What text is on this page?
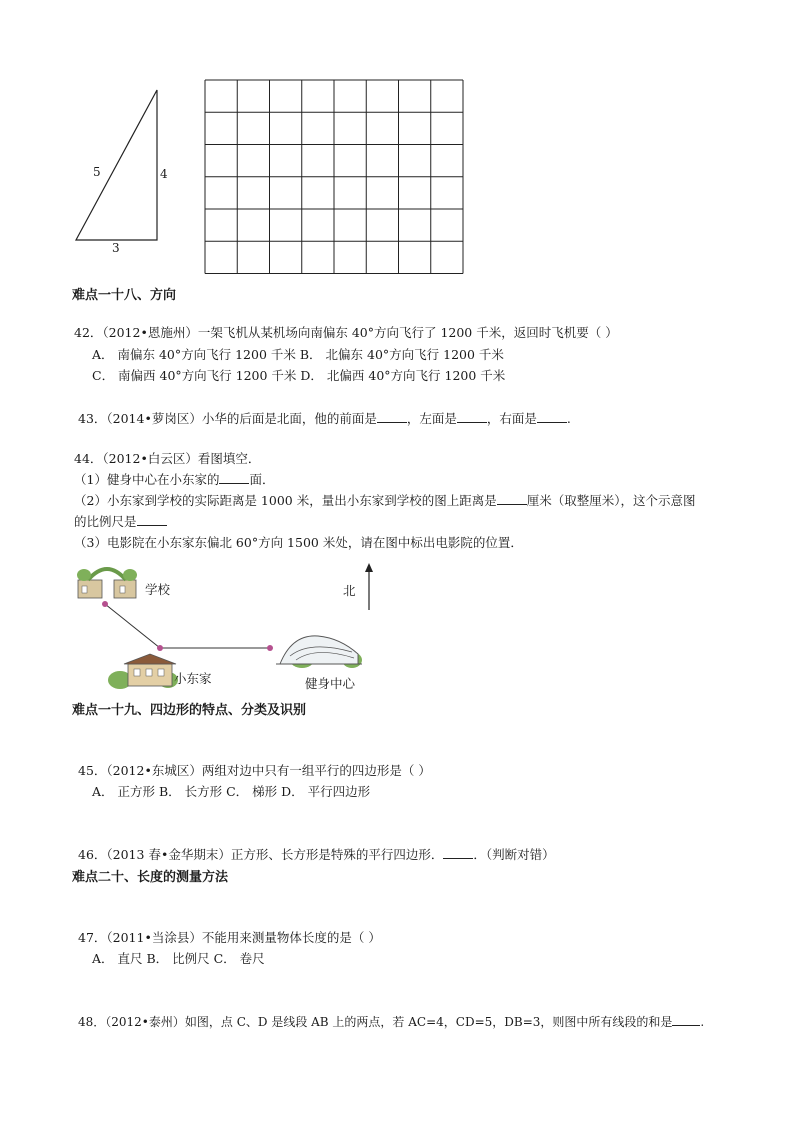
5	4
3
难点一十八、方向
42．（2012•恩施州）一架飞机从某机场向南偏东 40°方向飞行了 1200 千米，返回时飞机要（ ）
A． 南偏东 40°方向飞行 1200 千米 B． 北偏东 40°方向飞行 1200 千米
C． 南偏西 40°方向飞行 1200 千米 D． 北偏西 40°方向飞行 1200 千米
43．（2014•萝岗区）小华的后面是北面，他的前面是 ，左面是 ，右面是 .
44．（2012•白云区）看图填空．
（1）健身中心在小东家的 面．
（2）小东家到学校的实际距离是 1000 米，量出小东家到学校的图上距离是 厘米（取整厘米），这个示意图
的比例尺是
（3）电影院在小东家东偏北 60°方向 1500 米处，请在图中标出电影院的位置．
学校
小东家	健身中心
北
难点一十九、四边形的特点、分类及识别
45．（2012•东城区）两组对边中只有一组平行的四边形是（ ）
A． 正方形 B． 长方形 C． 梯形 D． 平行四边形
46．（2013 春•金华期末）正方形、长方形是特殊的平行四边形． ．（判断对错）
难点二十、长度的测量方法
47．（2011•当涂县）不能用来测量物体长度的是（ ）
A． 直尺 B． 比例尺 C． 卷尺
48．（2012•泰州）如图，点 C、D 是线段 AB 上的两点，若 AC=4，CD=5，DB=3，则图中所有线段的和是 .
